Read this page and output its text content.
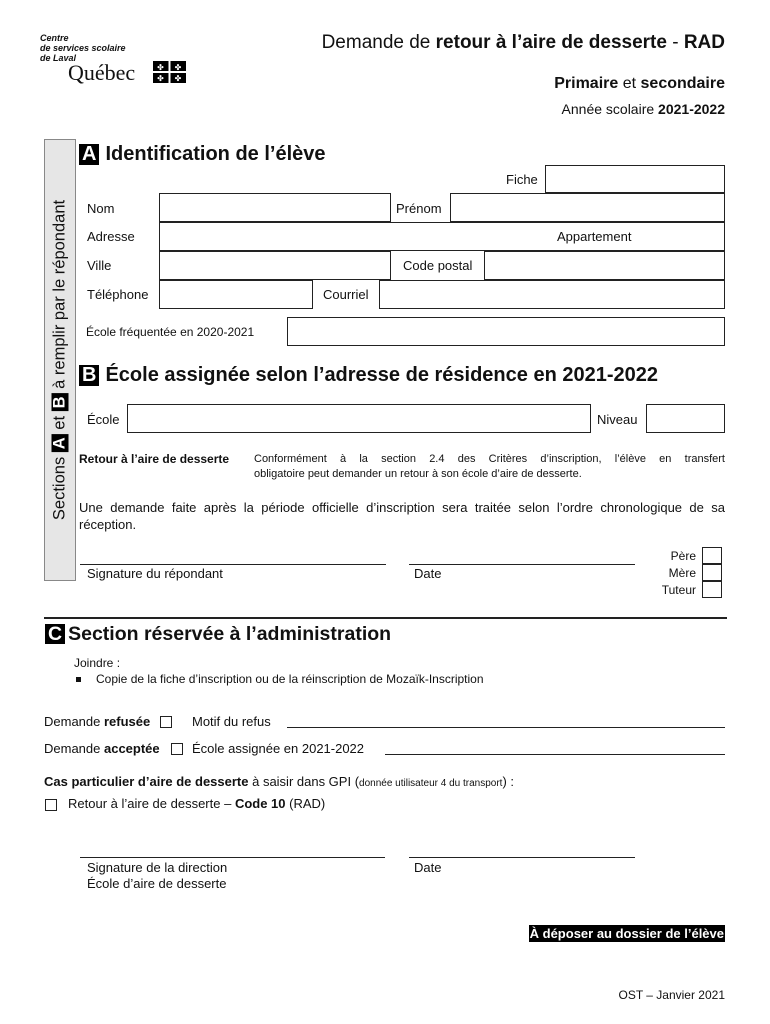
Centre
de services scolaire
de Laval
Québec	✤ ✤
✤ ✤
Demande de retour à l’aire de desserte - RAD
Primaire et secondaire
Année scolaire 2021-2022
Sections A et B à remplir par le répondant
A Identification de l’élève
Fiche
Nom	Prénom
Adresse	Appartement
Ville	Code postal
Téléphone	Courriel
École fréquentée en 2020-2021
B École assignée selon l’adresse de résidence en 2021-2022
École	Niveau
Retour à l’aire de desserte Conformément à la section 2.4 des Critères d’inscription, l’élève en transfert
obligatoire peut demander un retour à son école d’aire de desserte.
Une demande faite après la période officielle d’inscription sera traitée selon l’ordre chronologique de sa
réception.
Signature du répondant	Date
Père
Mère
Tuteur
C Section réservée à l’administration
Joindre :
Copie de la fiche d’inscription ou de la réinscription de Mozaïk-Inscription
Demande refusée	Motif du refus
Demande acceptée École assignée en 2021-2022
Cas particulier d’aire de desserte à saisir dans GPI (donnée utilisateur 4 du transport) :
Retour à l’aire de desserte – Code 10 (RAD)
Signature de la direction
École d’aire de desserte
Date
À déposer au dossier de l’élève
OST – Janvier 2021
